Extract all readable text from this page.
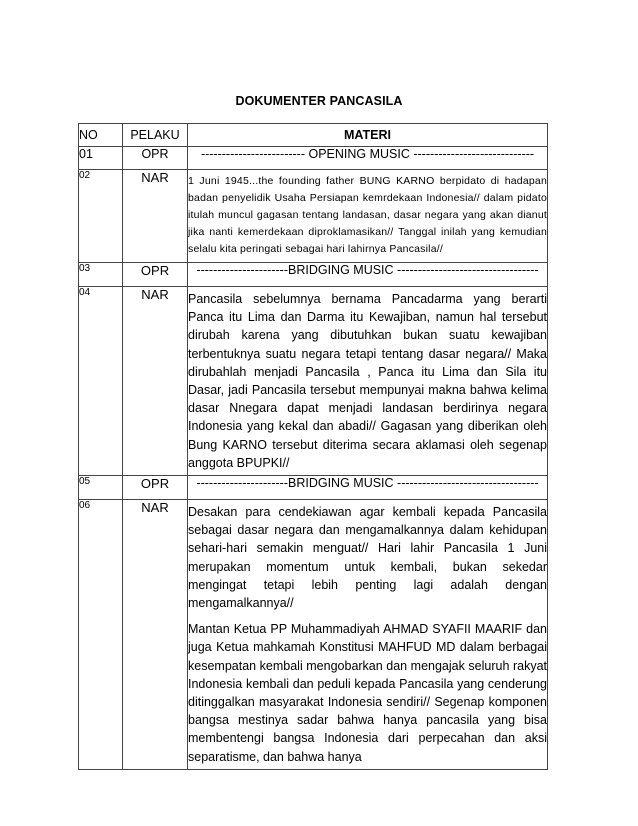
DOKUMENTER PANCASILA
NO	PELAKU	MATERI
01	OPR	------------------------- OPENING MUSIC -----------------------------

02	NAR	1 Juni 1945...the founding father BUNG KARNO berpidato di hadapan badan penyelidik Usaha Persiapan kemrdekaan Indonesia// dalam pidato itulah muncul gagasan tentang landasan, dasar negara yang akan dianut jika nanti kemerdekaan diproklamasikan// Tanggal inilah yang kemudian selalu kita peringati sebagai hari lahirnya Pancasila//

03	OPR	----------------------BRIDGING MUSIC ----------------------------------

04	NAR	Pancasila sebelumnya bernama Pancadarma yang berarti Panca itu Lima dan Darma itu Kewajiban, namun hal tersebut dirubah karena yang dibutuhkan bukan suatu kewajiban terbentuknya suatu negara tetapi tentang dasar negara// Maka dirubahlah menjadi Pancasila , Panca itu Lima dan Sila itu Dasar, jadi Pancasila tersebut mempunyai makna bahwa kelima dasar Nnegara dapat menjadi landasan berdirinya negara Indonesia yang kekal dan abadi// Gagasan yang diberikan oleh Bung KARNO tersebut diterima secara aklamasi oleh segenap anggota BPUPKI//

05	OPR	----------------------BRIDGING MUSIC ----------------------------------

06	NAR	Desakan para cendekiawan agar kembali kepada Pancasila sebagai dasar negara dan mengamalkannya dalam kehidupan sehari-hari semakin menguat// Hari lahir Pancasila 1 Juni merupakan momentum untuk kembali, bukan sekedar mengingat tetapi lebih penting lagi adalah dengan mengamalkannya//

Mantan Ketua PP Muhammadiyah AHMAD SYAFII MAARIF dan juga Ketua mahkamah Konstitusi MAHFUD MD dalam berbagai kesempatan kembali mengobarkan dan mengajak seluruh rakyat Indonesia kembali dan peduli kepada Pancasila yang cenderung ditinggalkan masyarakat Indonesia sendiri// Segenap komponen bangsa mestinya sadar bahwa hanya pancasila yang bisa membentengi bangsa Indonesia dari perpecahan dan aksi separatisme, dan bahwa hanya
